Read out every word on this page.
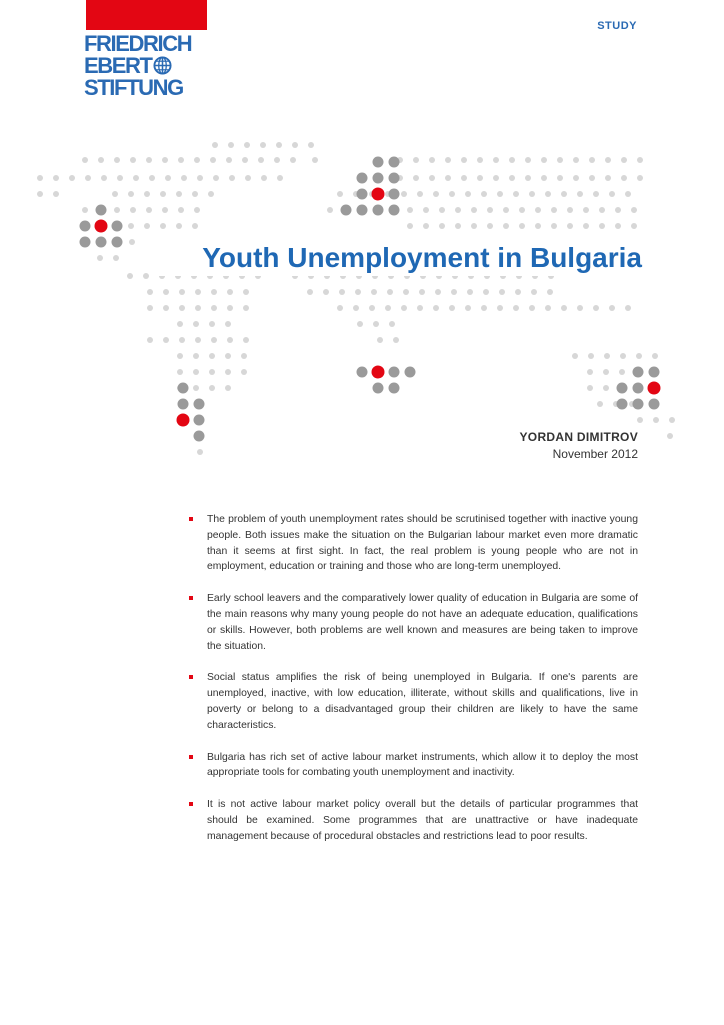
FRIEDRICH
EBERT
STIFTUNG
STUDY
Youth Unemployment in Bulgaria
YORDAN DIMITROV
November 2012
The problem of youth unemployment rates should be scrutinised together with inactive young people. Both issues make the situation on the Bulgarian labour market even more dramatic than it seems at first sight. In fact, the real problem is young people who are not in employment, education or training and those who are long-term unemployed.
Early school leavers and the comparatively lower quality of education in Bulgaria are some of the main reasons why many young people do not have an adequate education, qualifications or skills. However, both problems are well known and measures are being taken to improve the situation.
Social status amplifies the risk of being unemployed in Bulgaria. If one's parents are unemployed, inactive, with low education, illiterate, without skills and qualifications, live in poverty or belong to a disadvantaged group their children are likely to have the same characteristics.
Bulgaria has rich set of active labour market instruments, which allow it to deploy the most appropriate tools for combating youth unemployment and inactivity.
It is not active labour market policy overall but the details of particular programmes that should be examined. Some programmes that are unattractive or have inadequate management because of procedural obstacles and restrictions lead to poor results.
